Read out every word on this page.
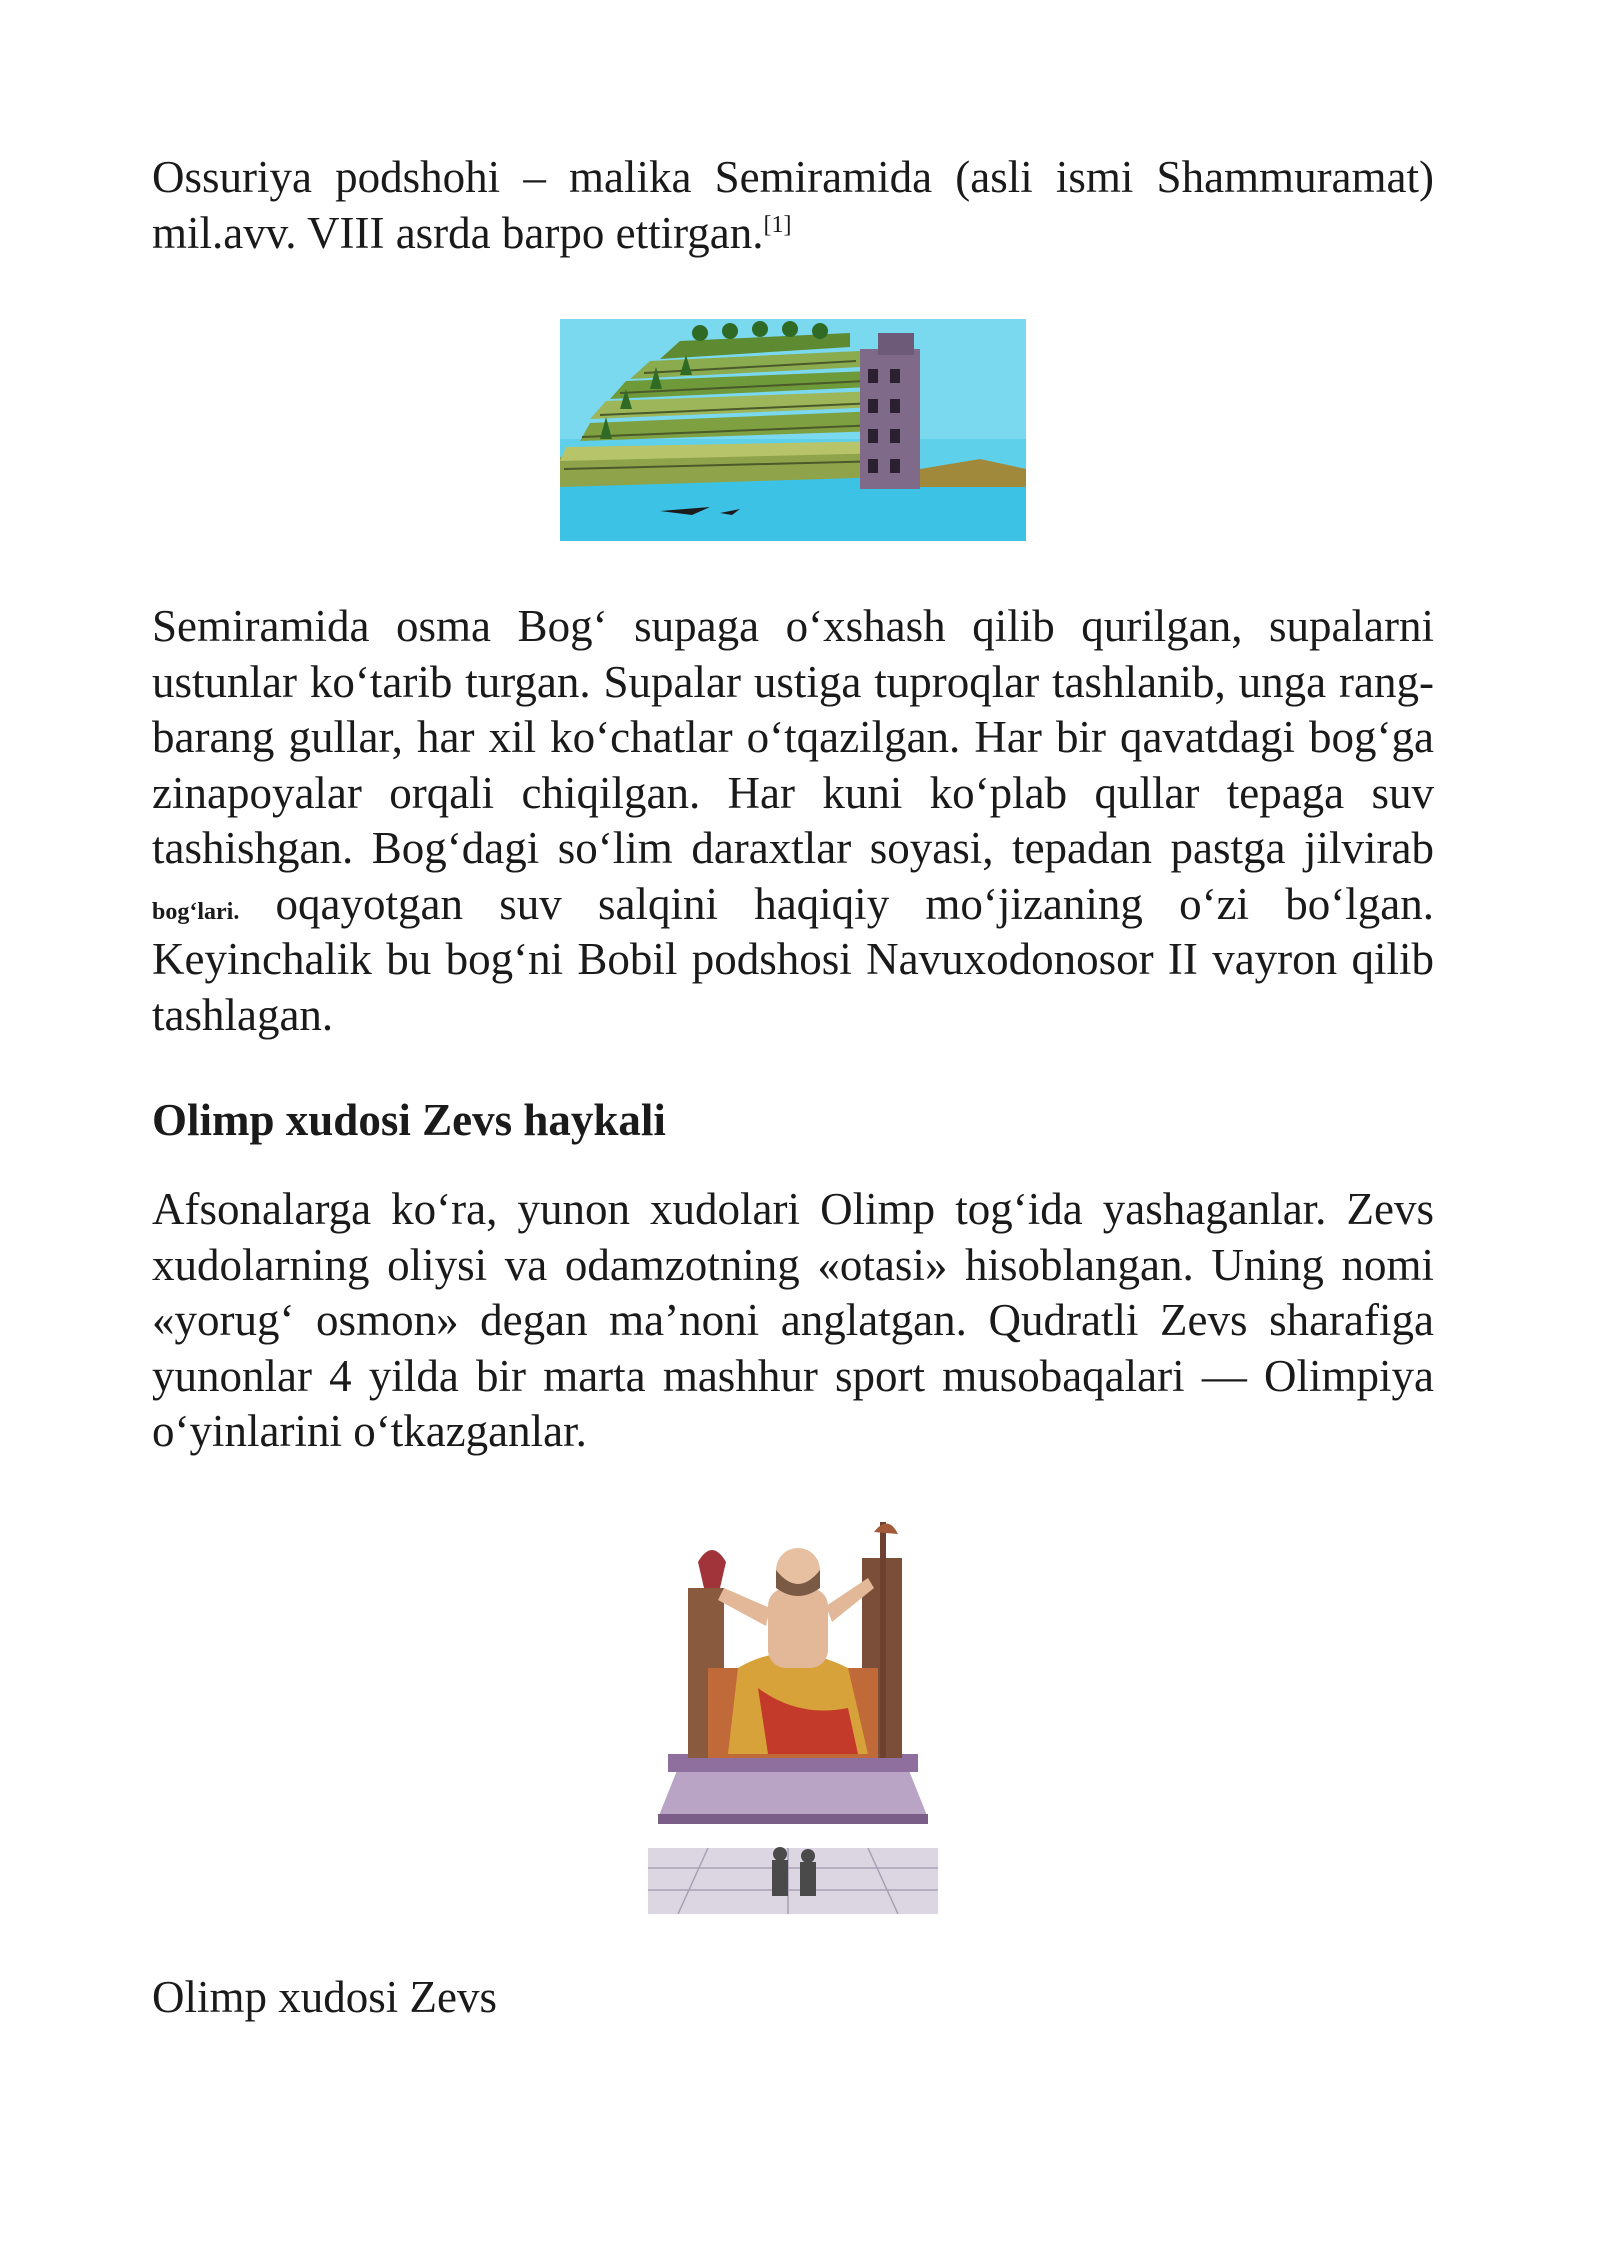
Ossuriya podshohi – malika Semiramida (asli ismi Shammuramat) mil.avv. VIII asrda barpo ettirgan.[1]

Semiramida osma Bog‘ supaga o‘xshash qilib qurilgan, supalarni ustunlar ko‘tarib turgan. Supalar ustiga tuproqlar tashlanib, unga rang-barang gullar, har xil ko‘chatlar o‘tqazilgan. Har bir qavatdagi bog‘ga zinapoyalar orqali chiqilgan. Har kuni ko‘plab qullar tepaga suv tashishgan. Bog‘dagi so‘lim daraxtlar soyasi, tepadan pastga jilvirab bog‘lari. oqayotgan suv salqini haqiqiy mo‘jizaning o‘zi bo‘lgan. Keyinchalik bu bog‘ni Bobil podshosi Navuxodonosor II vayron qilib tashlagan.

Olimp xudosi Zevs haykali

Afsonalarga ko‘ra, yunon xudolari Olimp tog‘ida yashaganlar. Zevs xudolarning oliysi va odamzotning «otasi» hisoblangan. Uning nomi «yorug‘ osmon» degan ma’noni anglatgan. Qudratli Zevs sharafiga yunonlar 4 yilda bir marta mashhur sport musobaqalari — Olimpiya o‘yinlarini o‘tkazganlar.

Olimp xudosi Zevs
